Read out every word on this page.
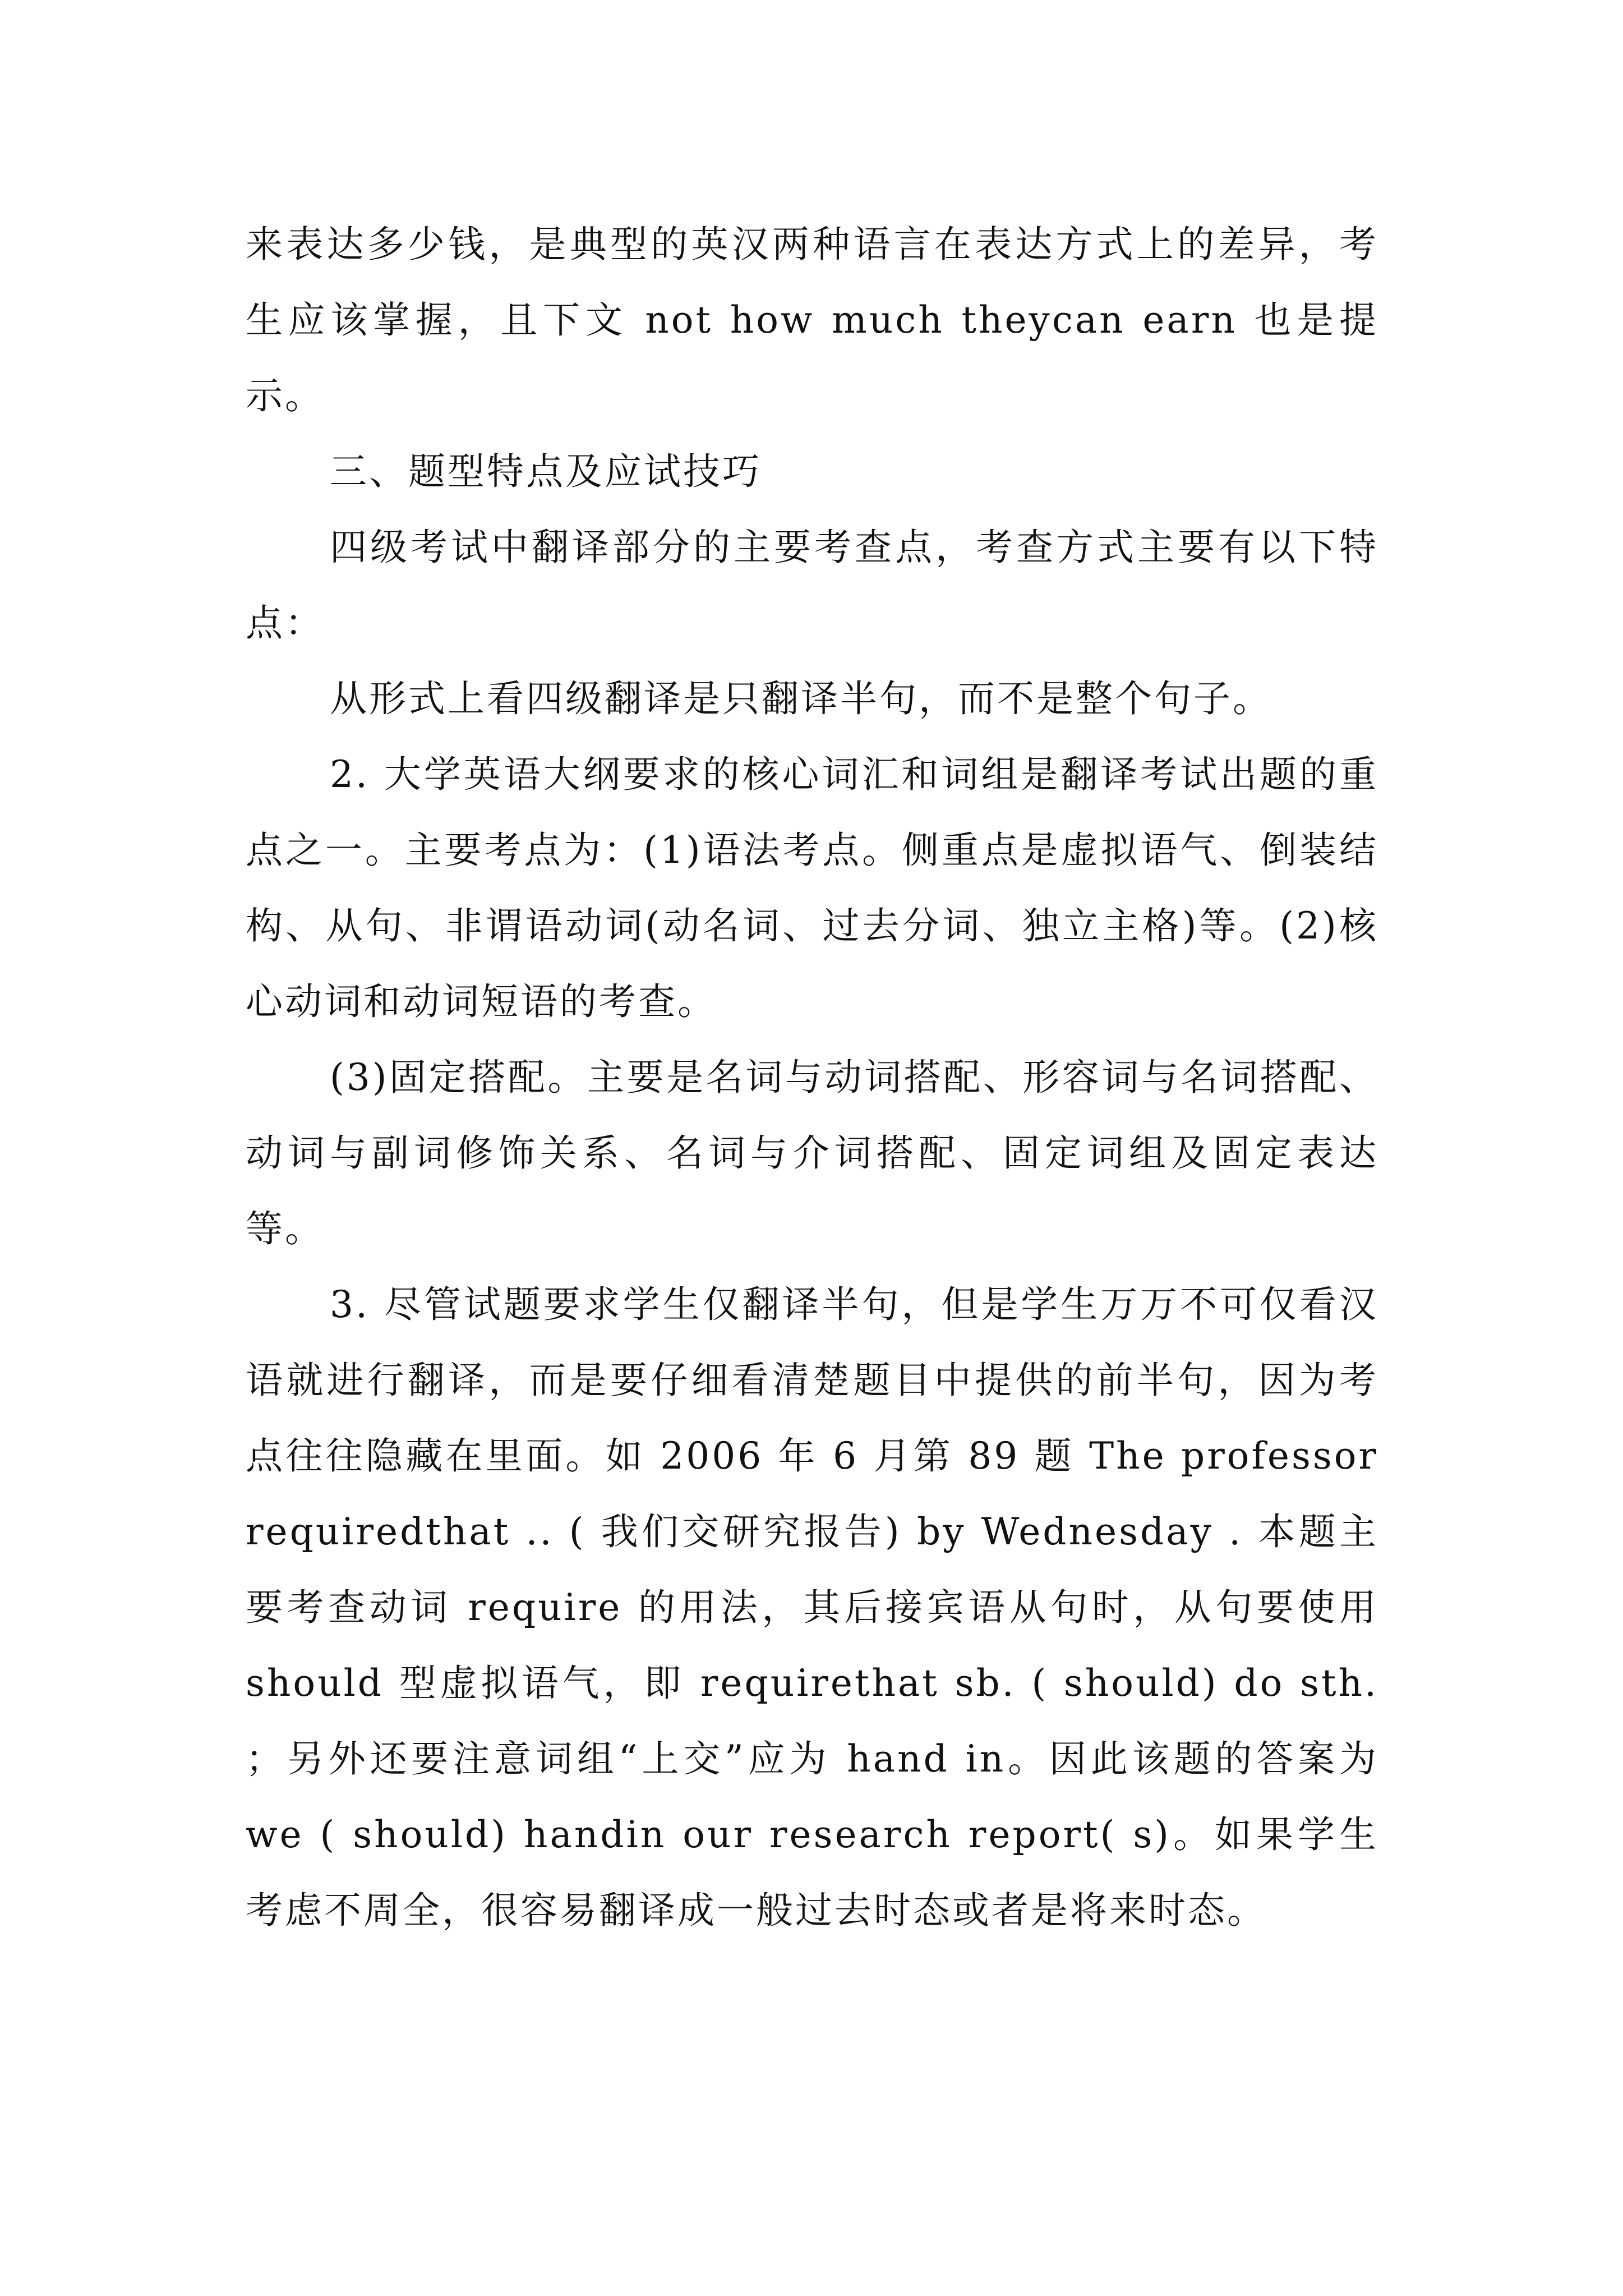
来表达多少钱，是典型的英汉两种语言在表达方式上的差异，考生应该掌握，且下文 not how much theycan earn 也是提示。

三、题型特点及应试技巧

四级考试中翻译部分的主要考查点，考查方式主要有以下特点：

从形式上看四级翻译是只翻译半句，而不是整个句子。

2. 大学英语大纲要求的核心词汇和词组是翻译考试出题的重点之一。主要考点为：(1)语法考点。侧重点是虚拟语气、倒装结构、从句、非谓语动词(动名词、过去分词、独立主格)等。(2)核心动词和动词短语的考查。

(3)固定搭配。主要是名词与动词搭配、形容词与名词搭配、动词与副词修饰关系、名词与介词搭配、固定词组及固定表达等。

3. 尽管试题要求学生仅翻译半句，但是学生万万不可仅看汉语就进行翻译，而是要仔细看清楚题目中提供的前半句，因为考点往往隐藏在里面。如 2006 年 6 月第 89 题 The professor requiredthat .. ( 我们交研究报告) by Wednesday . 本题主要考查动词 require 的用法，其后接宾语从句时，从句要使用 should 型虚拟语气，即 requirethat sb. ( should) do sth. ；另外还要注意词组“上交”应为 hand in。因此该题的答案为 we ( should) handin our research report( s)。如果学生考虑不周全，很容易翻译成一般过去时态或者是将来时态。
